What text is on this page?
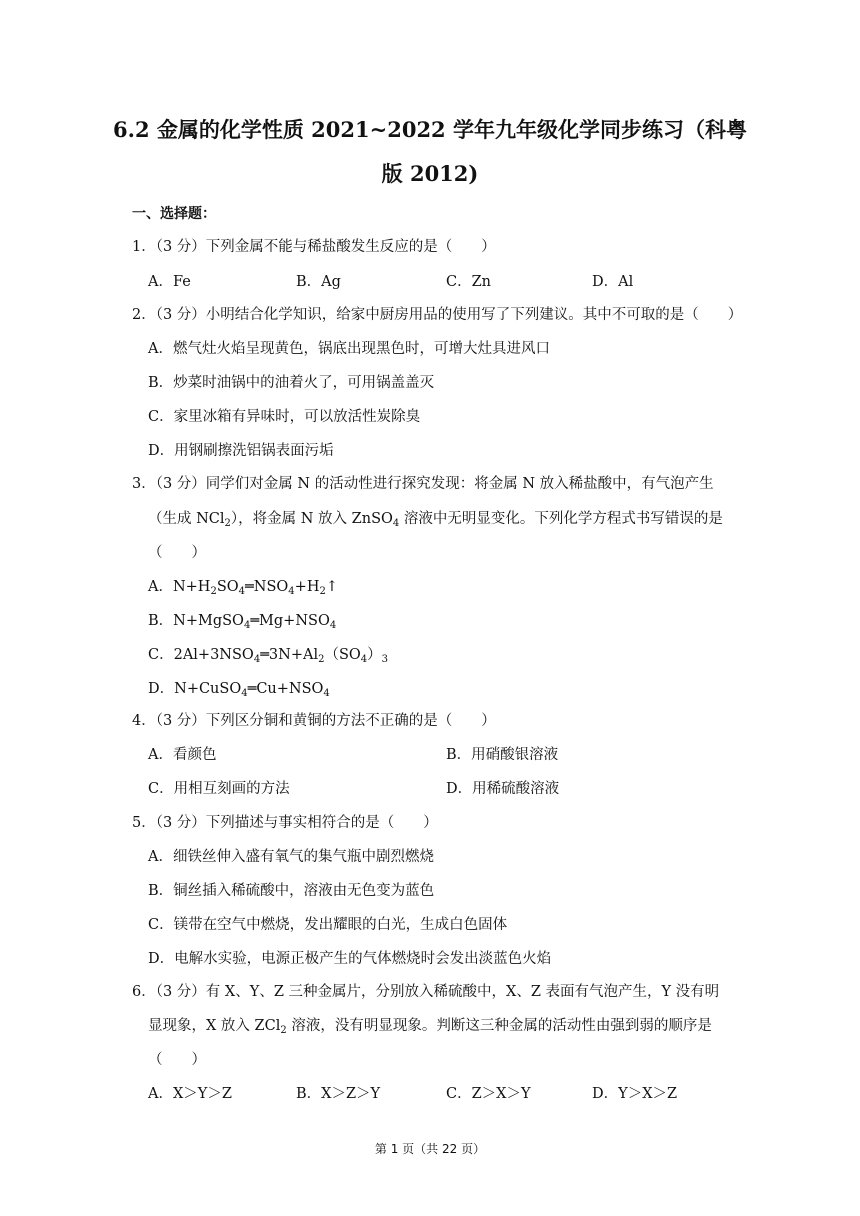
6.2 金属的化学性质 2021~2022 学年九年级化学同步练习（科粤
版 2012)
一、选择题：
1．（3 分）下列金属不能与稀盐酸发生反应的是（　　）
A．Fe	B．Ag	C．Zn	D．Al
2．（3 分）小明结合化学知识，给家中厨房用品的使用写了下列建议。其中不可取的是（　　）
A．燃气灶火焰呈现黄色，锅底出现黑色时，可增大灶具进风口
B．炒菜时油锅中的油着火了，可用锅盖盖灭
C．家里冰箱有异味时，可以放活性炭除臭
D．用钢刷擦洗铝锅表面污垢
3．（3 分）同学们对金属 N 的活动性进行探究发现：将金属 N 放入稀盐酸中，有气泡产生
（生成 NCl$_2$），将金属 N 放入 ZnSO$_4$ 溶液中无明显变化。下列化学方程式书写错误的是
（　　）
A．$N+H_2SO_4═NSO_4+H_2↑$
B．$N+MgSO_4═Mg+NSO_4$
C．$2Al+3NSO_4═3N+Al_2(SO_4)_3$
D．$N+CuSO_4═Cu+NSO_4$
4．（3 分）下列区分铜和黄铜的方法不正确的是（　　）
A．看颜色	B．用硝酸银溶液
C．用相互刻画的方法	D．用稀硫酸溶液
5．（3 分）下列描述与事实相符合的是（　　）
A．细铁丝伸入盛有氧气的集气瓶中剧烈燃烧
B．铜丝插入稀硫酸中，溶液由无色变为蓝色
C．镁带在空气中燃烧，发出耀眼的白光，生成白色固体
D．电解水实验，电源正极产生的气体燃烧时会发出淡蓝色火焰
6．（3 分）有 X、Y、Z 三种金属片，分别放入稀硫酸中，X、Z 表面有气泡产生，Y 没有明
显现象，X 放入 ZCl$_2$ 溶液，没有明显现象。判断这三种金属的活动性由强到弱的顺序是
（　　）
A．X＞Y＞Z	B．X＞Z＞Y	C．Z＞X＞Y	D．Y＞X＞Z
第 1 页（共 22 页）
